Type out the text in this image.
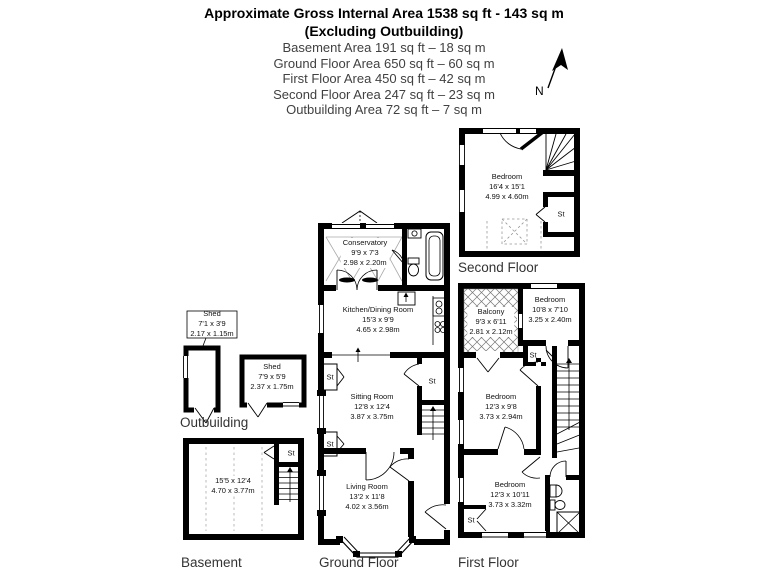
Approximate Gross Internal Area 1538 sq ft - 143 sq m
(Excluding Outbuilding)
Basement Area 191 sq ft – 18 sq m
Ground Floor Area 650 sq ft – 60 sq m
First Floor Area 450 sq ft – 42 sq m
Second Floor Area 247 sq ft – 23 sq m
Outbuilding Area 72 sq ft – 7 sq m
N
Bedroom
16'4 x 15'1
4.99 x 4.60m
St
Second Floor
Conservatory
9'9 x 7'3
2.98 x 2.20m
Kitchen/Dining Room
15'3 x 9'9
4.65 x 2.98m
Sitting Room
12'8 x 12'4
3.87 x 3.75m
Living Room
13'2 x 11'8
4.02 x 3.56m
St
St
St
Ground Floor
Balcony
9'3 x 6'11
2.81 x 2.12m
Bedroom
10'8 x 7'10
3.25 x 2.40m
Bedroom
12'3 x 9'8
3.73 x 2.94m
Bedroom
12'3 x 10'11
3.73 x 3.32m
St
St
First Floor
Shed
7'1 x 3'9
2.17 x 1.15m
Shed
7'9 x 5'9
2.37 x 1.75m
Outbuilding
15'5 x 12'4
4.70 x 3.77m
St
Basement
